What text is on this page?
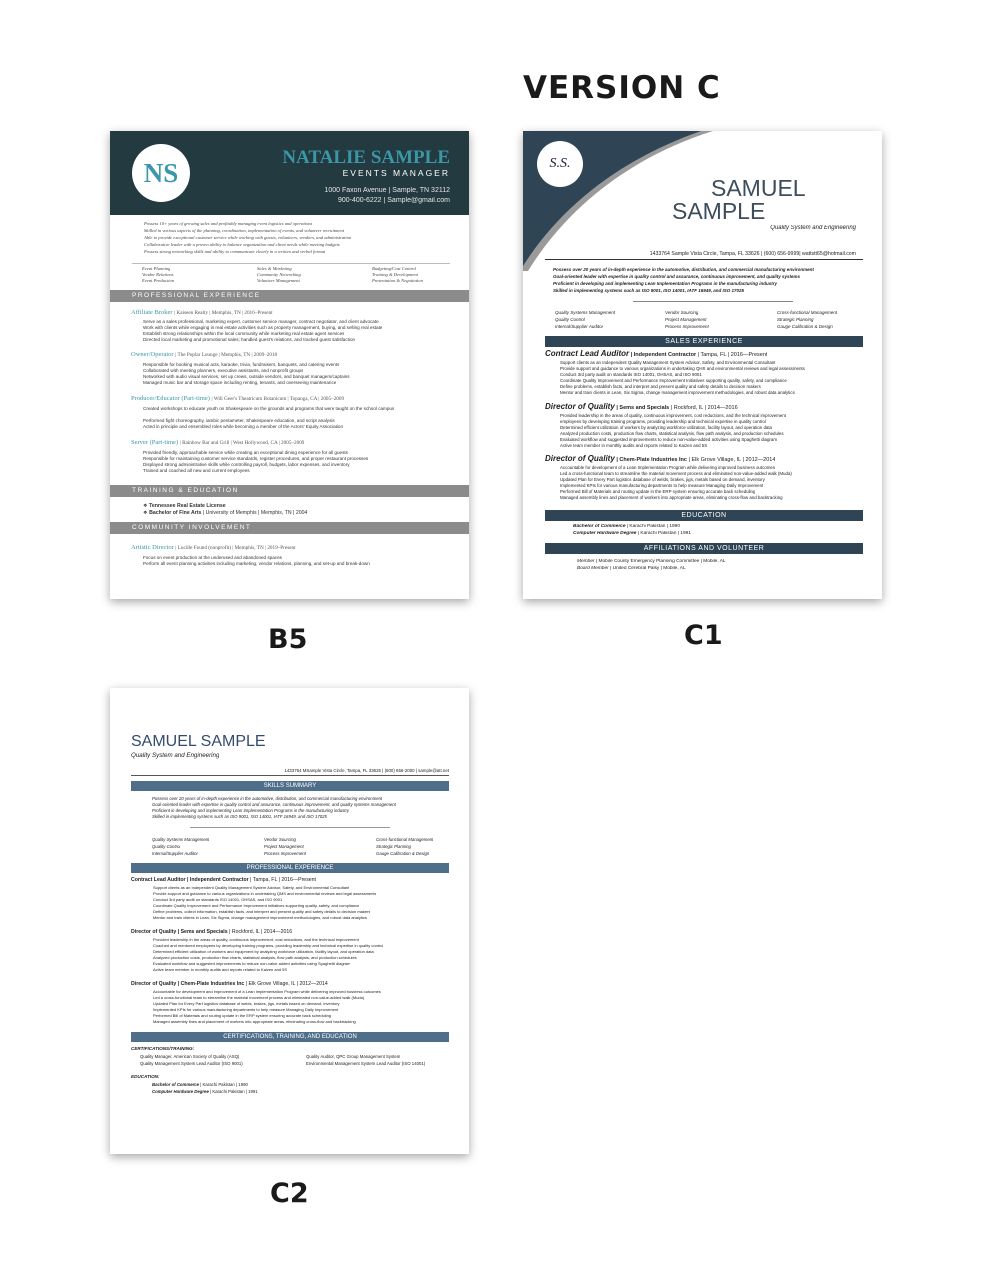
VERSION C
B5	C1
C2
NS	NATALIE SAMPLE
EVENTS MANAGER
1000 Faxon Avenue | Sample, TN 32112
900-400-6222 | Sample@gmail.com
Possess 10+ years of growing sales and profitably managing event logistics and operations
Skilled in various aspects of the planning, coordination, implementation of events, and volunteer recruitment
Able to provide exceptional customer service while working with guests, volunteers, vendors, and administration
Collaborative leader with a proven ability to balance organization and client needs while meeting budgets
Possess strong networking skills and ability to communicate clearly in a written and verbal format
Event Planning	Sales & Marketing	Budgeting/Cost Control
Vendor Relations	Community Networking	Training & Development
Event Production	Volunteer Management	Presentation & Negotiation
PROFESSIONAL EXPERIENCE
Affiliate Broker | Kaiseen Realty | Memphis, TN | 2016–Present
• Serve as a sales professional, marketing expert, customer service manager, contract negotiator, and client advocate
• Work with clients while engaging in real estate activities such as property management, buying, and selling real estate
• Establish strong relationships within the local community while marketing real estate agent services
• Directed local marketing and promotional sales; handled guest's relations, and tracked guest satisfaction
Owner/Operator | The Poplar Lounge | Memphis, TN | 2009–2018
• Responsible for booking musical acts, karaoke, trivia, fundraisers, banquets, and catering events
• Collaborated with meeting planners, executive assistants, and nonprofit groups
• Networked with audio visual services, set up crews, outside vendors, and banquet managers/captains
• Managed music bar and storage space including renting, tenants, and overseeing maintenance
Producer/Educator (Part-time) | Will Geer's Theatricum Botanicum | Topanga, CA | 2005–2009
• Created workshops to educate youth on Shakespeare on the grounds and programs that were taught on the school campus
• Performed fight choreography, iambic pentameter, Shakespeare education, and script analysis
• Acted in principle and ensembled roles while becoming a member of the Actors' Equity Association
Server (Part-time) | Rainbow Bar and Grill | West Hollywood, CA | 2005–2009
• Provided friendly, approachable service while creating an exceptional dining experience for all guests
• Responsible for maintaining customer service standards, register procedures, and proper restaurant processes
• Displayed strong administrative skills while controlling payroll, budgets, labor expenses, and inventory
• Trained and coached all new and current employees
TRAINING & EDUCATION
❖ Tennessee Real Estate License
❖ Bachelor of Fine Arts | University of Memphis | Memphis, TN | 2004
COMMUNITY INVOLVEMENT
Artistic Director | Lucille Found (nonprofit) | Memphis, TN | 2019–Present
• Focus on event production at the underused and abandoned spaces
• Perform all event planning activities including marketing, vendor relations, planning, and set-up and break-down
S.S.
SAMUEL
SAMPLE
Quality System and Engineering
1433764 Sample Vista Circle, Tampa, FL 33626 | (600) 656-9999| wattstt65@hotmail.com
✔ Possess over 20 years of in-depth experience in the automotive, distribution, and commercial manufacturing environment
✔ Goal-oriented leader with expertise in quality control and assurance, continuous improvement, and quality systems
✔ Proficient in developing and implementing Lean Implementation Programs in the manufacturing industry
✔ Skilled in implementing systems such as ISO 9001, ISO 14001, IATF 16949, and ISO 17025
Quality Systems Management	Vendor Sourcing	Cross-functional Management
Quality Control	Project Management	Strategic Planning
Internal/Supplier Auditor	Process Improvement	Gauge Calibration & Design
SALES EXPERIENCE
Contract Lead Auditor | Independent Contractor | Tampa, FL | 2016—Present
• Support clients as an Independent Quality Management System Advisor, Safety, and Environmental Consultant
• Provide support and guidance to various organizations in undertaking QHS and environmental reviews and legal assessments
• Conduct 3rd party audit on standards ISO 14001, OHSAS, and ISO 9001
• Coordinate Quality Improvement and Performance Improvement Initiatives supporting quality, safety, and compliance
• Define problems, establish facts, and interpret and present quality and safety details to decision makers
• Mentor and train clients in Lean, Six Sigma, change management improvement methodologies, and robust data analytics
Director of Quality | Sems and Specials | Rockford, IL | 2014—2016
• Provided leadership in the areas of quality, continuous improvement, cost reductions, and the technical improvement
• employees by developing training programs, providing leadership and technical expertise in quality control
• Determined efficient utilization of workers by analyzing workforce utilization, facility layout, and operation data
• Analyzed production costs, production flow charts, statistical analysis, flow path analysis, and production schedules
• Evaluated workflow and suggested improvements to reduce non-value-added activities using Spaghetti diagram
• Active team member in monthly audits and reports related to Kaizen and 5S
Director of Quality | Chem-Plate Industries Inc | Elk Grove Village, IL | 2012—2014
• Accountable for development of a Lean Implementation Program while delivering improved business outcomes
• Led a cross-functional team to streamline the material movement process and eliminated non-value-added walk (Muda)
• Updated Plan for Every Part logistics database of welds, brakes, jigs, metals based on demand, inventory
• Implemented KPIs for various manufacturing departments to help measure Managing Daily Improvement
• Performed Bill of Materials and routing update in the ERP system ensuring accurate back scheduling
• Managed assembly lines and placement of workers into appropriate areas, eliminating cross-flow and backtracking
EDUCATION
❖ Bachelor of Commerce | Karachi Pakistan | 1990
❖ Computer Hardware Degree | Karachi Pakistan | 1991
AFFILIATIONS AND VOLUNTEER
• Member | Mobile County Emergency Planning Committee | Mobile, AL
• Board Member | United Cerebral Palsy | Mobile, AL
SAMUEL SAMPLE
Quality System and Engineering
1433764 MSample Vista Circle, Tampa, FL 33626 | (600) 656-2000 | sample@att.net
SKILLS SUMMARY
✔ Possess over 20 years of in-depth experience in the automotive, distribution, and commercial manufacturing environment
✔ Goal-oriented leader with expertise in quality control and assurance, continuous improvement, and quality systems management
✔ Proficient in developing and implementing Lean Implementation Programs in the manufacturing industry
✔ Skilled in implementing systems such as ISO 9001, ISO 14001, IATF 16949, and ISO 17025
• Quality Systems Management	• Vendor Sourcing	• Cross-functional Management
• Quality Control	• Project Management	• Strategic Planning
• Internal/Supplier Auditor	• Process Improvement	• Gauge Calibration & Design
PROFESSIONAL EXPERIENCE
Contract Lead Auditor | Independent Contractor | Tampa, FL | 2016—Present
• Support clients as an Independent Quality Management System Advisor, Safety, and Environmental Consultant
• Provide support and guidance to various organizations in undertaking QMS and environmental reviews and legal assessments
• Conduct 3rd party audit on standards ISO 14001, OHSAS, and ISO 9001
• Coordinate Quality Improvement and Performance Improvement initiatives supporting quality, safety, and compliance
• Define problems, collect information, establish facts, and interpret and present quality and safety details to decision makers
• Mentor and train clients in Lean, Six Sigma, change management improvement methodologies, and robust data analytics
Director of Quality | Sems and Specials | Rockford, IL | 2014—2016
• Provided leadership in the areas of quality, continuous improvement, cost reductions, and the technical improvement
• Coached and mentored employees by developing training programs, providing leadership and technical expertise in quality control
• Determined efficient utilization of workers and equipment by analyzing workforce utilization, facility layout, and operation data
• Analyzed production costs, production flow charts, statistical analysis, flow path analysis, and production schedules
• Evaluated workflow and suggested improvements to reduce non-value added activities using Spaghetti diagram
• Active team member in monthly audits and reports related to Kaizen and 5S
Director of Quality | Chem-Plate Industries Inc | Elk Grove Village, IL | 2012—2014
• Accountable for development and improvement of a Lean Implementation Program while delivering improved business outcomes
• Led a cross-functional team to streamline the material movement process and eliminated non-value-added walk (Muda)
• Updated Plan for Every Part logistics database of welds, brakes, jigs, metals based on demand, inventory
• Implemented KPIs for various manufacturing departments to help measure Managing Daily Improvement
• Performed Bill of Materials and routing update in the ERP system ensuring accurate back scheduling
• Managed assembly lines and placement of workers into appropriate areas, eliminating cross-flow and backtracking
CERTIFICATIONS, TRAINING, AND EDUCATION
CERTIFICATIONS/TRAINING:
✔ Quality Manager, American Society of Quality (ASQ)	✔ Quality Auditor, QPC Group Management System
✔ Quality Management System Lead Auditor (ISO 9001)	✔ Environmental Management System Lead Auditor (ISO 14001)
EDUCATION:
❖ Bachelor of Commerce | Karachi Pakistan | 1990
❖ Computer Hardware Degree | Karachi Pakistan | 1991
